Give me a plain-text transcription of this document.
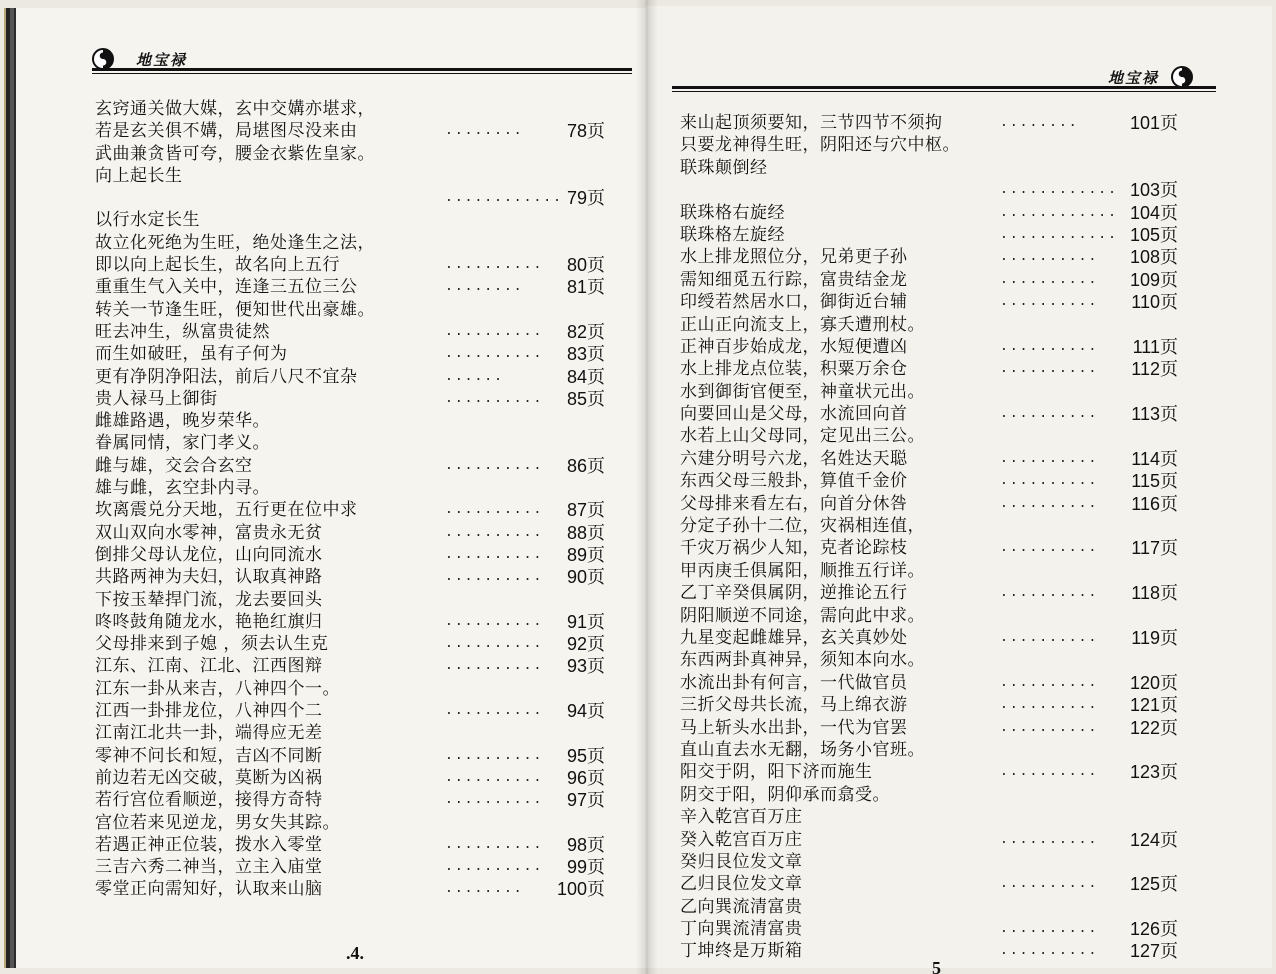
地宝禄
地宝禄
玄窍通关做大媒，玄中交媾亦堪求，
若是玄关俱不媾，局堪图尽没来由	........ 78页
武曲兼贪皆可夸，腰金衣紫佐皇家。
向上起长生
............ 79页
以行水定长生
故立化死绝为生旺，绝处逢生之法，
即以向上起长生，故名向上五行	.......... 80页
重重生气入关中，连逢三五位三公	........ 81页
转关一节逢生旺，便知世代出豪雄。
旺去冲生，纵富贵徒然	.......... 82页
而生如破旺，虽有子何为	.......... 83页
更有净阴净阳法，前后八尺不宜杂	......	84页
贵人禄马上御街	.......... 85页
雌雄路遇，晚岁荣华。
眷属同情，家门孝义。
雌与雄，交会合玄空	.......... 86页
雄与雌，玄空卦内寻。
坎离震兑分天地，五行更在位中求	.......... 87页
双山双向水零神，富贵永无贫	.......... 88页
倒排父母认龙位，山向同流水	.......... 89页
共路两神为夫妇，认取真神路	.......... 90页
下按玉辇捍门流，龙去要回头
咚咚鼓角随龙水，艳艳红旗归	.......... 91页
父母排来到子媳 ，须去认生克	.......... 92页
江东、江南、江北、江西图辩	.......... 93页
江东一卦从来吉，八神四个一。
江西一卦排龙位，八神四个二	.......... 94页
江南江北共一卦，端得应无差
零神不问长和短，吉凶不同断	.......... 95页
前边若无凶交破，莫断为凶祸	.......... 96页
若行宫位看顺逆，接得方奇特	.......... 97页
宫位若来见逆龙，男女失其踪。
若遇正神正位装，拨水入零堂	.......... 98页
三吉六秀二神当，立主入庙堂	.......... 99页
零堂正向需知好，认取来山脑	........ 100页
来山起顶须要知，三节四节不须拘	........	101页
只要龙神得生旺，阴阳还与穴中枢。
联珠颠倒经
............ 103页
联珠格右旋经	............ 104页
联珠格左旋经	............ 105页
水上排龙照位分，兄弟更子孙	.......... 108页
需知细觅五行踪，富贵结金龙	.......... 109页
印绶若然居水口，御街近台辅	.......... 110页
正山正向流支上，寡夭遭刑杖。
正神百步始成龙，水短便遭凶	.......... 111页
水上排龙点位装，积粟万余仓	.......... 112页
水到御街官便至，神童状元出。
向要回山是父母，水流回向首	.......... 113页
水若上山父母同，定见出三公。
六建分明号六龙，名姓达天聪	.......... 114页
东西父母三般卦，算值千金价	.......... 115页
父母排来看左右，向首分休咎	.......... 116页
分定子孙十二位，灾祸相连值，
千灾万祸少人知，克者论踪枝	.......... 117页
甲丙庚壬俱属阳，顺推五行详。
乙丁辛癸俱属阴，逆推论五行	.......... 118页
阴阳顺逆不同途，需向此中求。
九星变起雌雄异，玄关真妙处	.......... 119页
东西两卦真神异，须知本向水。
水流出卦有何言，一代做官员	.......... 120页
三折父母共长流，马上绵衣游	.......... 121页
马上斩头水出卦，一代为官罢	.......... 122页
直山直去水无翻，场务小官班。
阳交于阴，阳下济而施生	.......... 123页
阴交于阳，阴仰承而翕受。
辛入乾宫百万庄
癸入乾宫百万庄	.......... 124页
癸归艮位发文章
乙归艮位发文章	.......... 125页
乙向巽流清富贵
丁向巽流清富贵	.......... 126页
丁坤终是万斯箱	.......... 127页
.4.
5
